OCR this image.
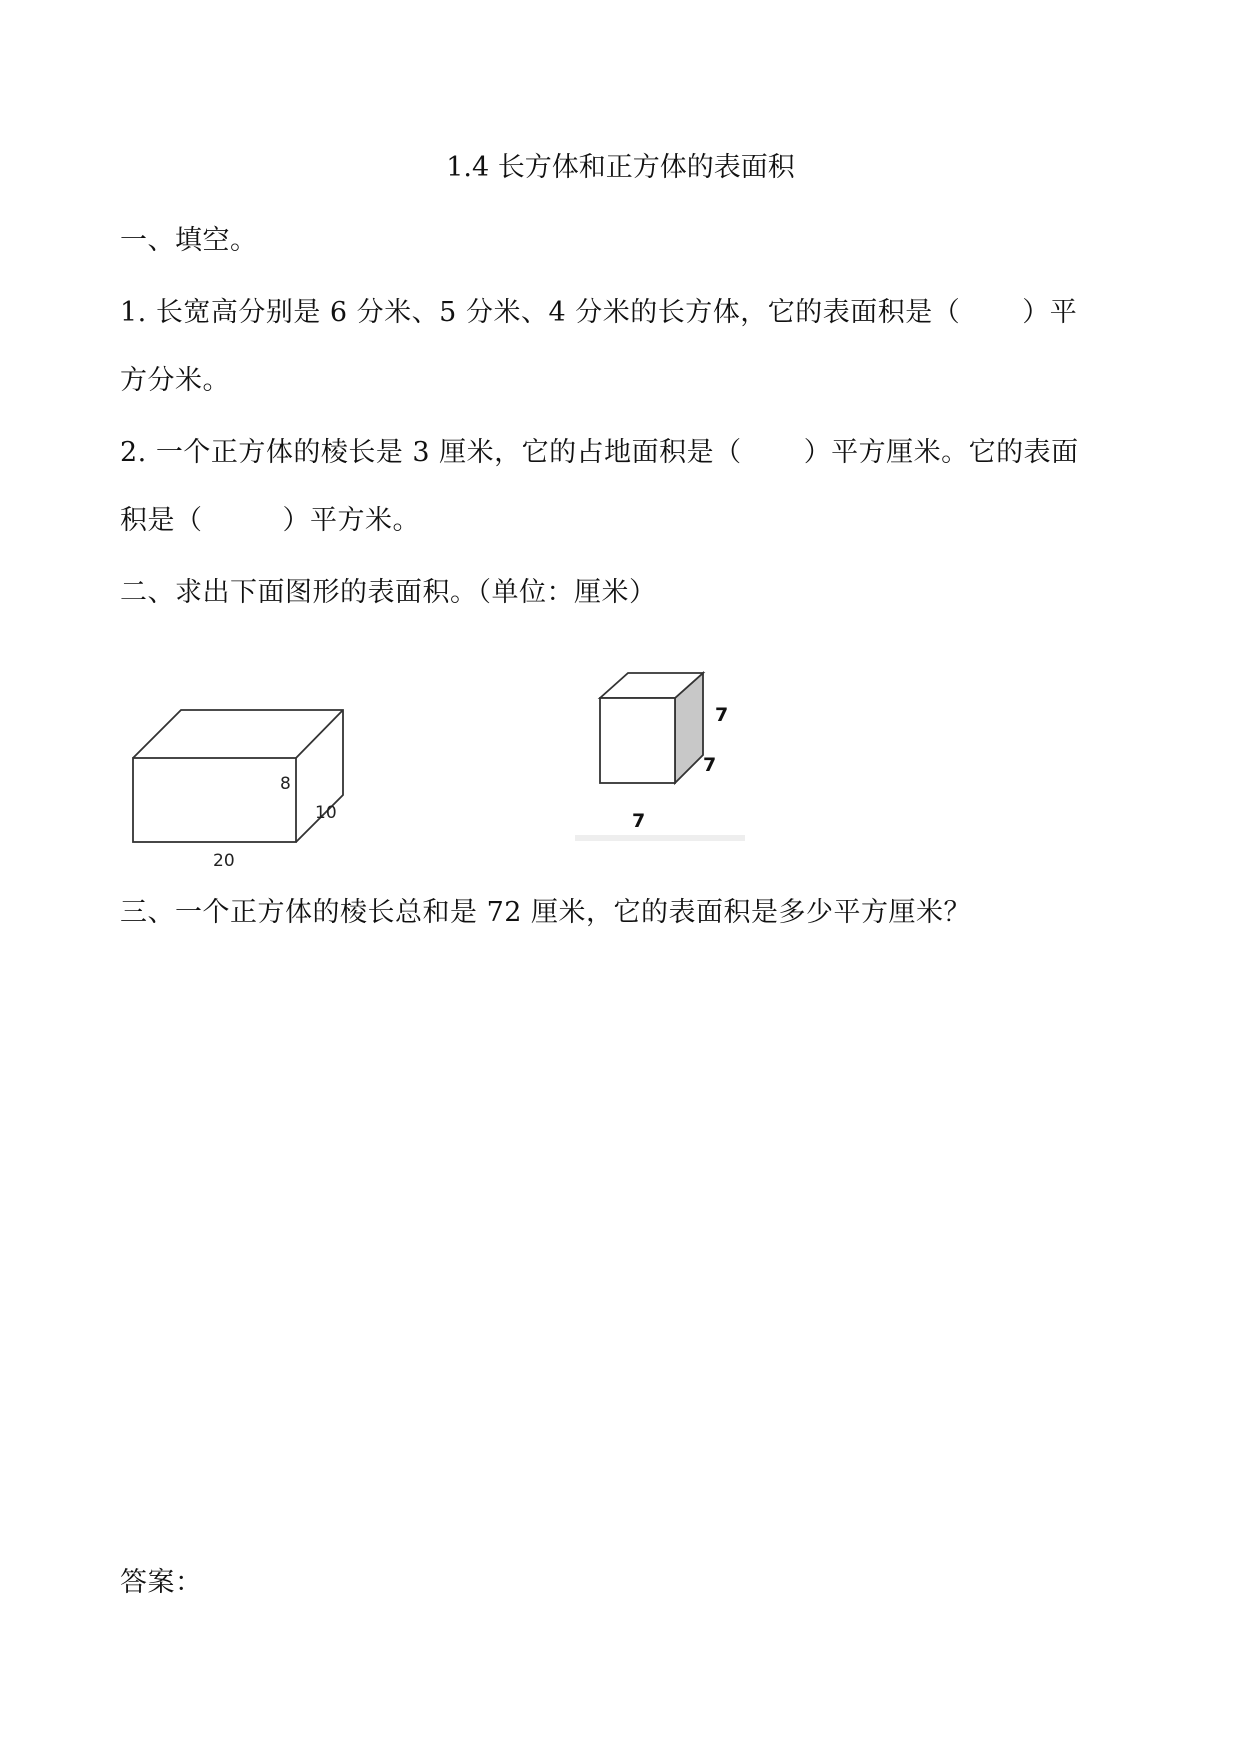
1.4 长方体和正方体的表面积
一、填空。
1. 长宽高分别是 6 分米、5 分米、4 分米的长方体，它的表面积是（ ）平
方分米。
2. 一个正方体的棱长是 3 厘米，它的占地面积是（ ）平方厘米。它的表面
积是（	）平方米。
二、求出下面图形的表面积。（单位：厘米）
8
10
20
7
7
7
三、一个正方体的棱长总和是 72 厘米，它的表面积是多少平方厘米？
答案：
